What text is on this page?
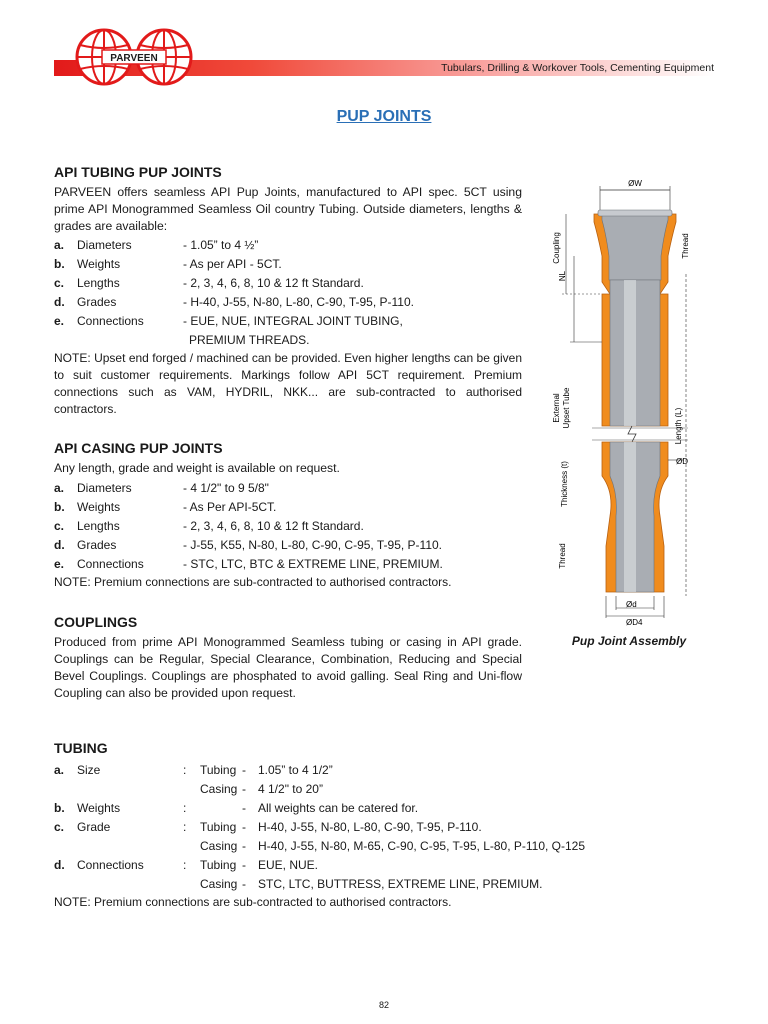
PARVEEN
Tubulars, Drilling & Workover Tools, Cementing Equipment
PUP JOINTS
API TUBING PUP JOINTS
PARVEEN offers seamless API Pup Joints, manufactured to API spec. 5CT using prime API Monogrammed Seamless Oil country Tubing. Outside diameters, lengths & grades are available:
a.	Diameters	- 1.05” to 4 ½”
b.	Weights	- As per API - 5CT.
c.	Lengths	- 2, 3, 4, 6, 8, 10 & 12 ft Standard.
d.	Grades	- H-40, J-55, N-80, L-80, C-90, T-95, P-110.
e.	Connections	- EUE, NUE, INTEGRAL JOINT TUBING,
PREMIUM THREADS.
NOTE: Upset end forged / machined can be provided. Even higher lengths can be given to suit customer requirements. Markings follow API 5CT requirement. Premium connections such as VAM, HYDRIL, NKK... are sub-contracted to authorised contractors.
API CASING PUP JOINTS
Any length, grade and weight is available on request.
a.	Diameters	- 4 1/2" to 9 5/8"
b.	Weights	- As Per API-5CT.
c.	Lengths	- 2, 3, 4, 6, 8, 10 & 12 ft Standard.
d.	Grades	- J-55, K55, N-80, L-80, C-90, C-95, T-95, P-110.
e.	Connections	- STC, LTC, BTC & EXTREME LINE, PREMIUM.
NOTE: Premium connections are sub-contracted to authorised contractors.
COUPLINGS
Produced from prime API Monogrammed Seamless tubing or casing in API grade. Couplings can be Regular, Special Clearance, Combination, Reducing and Special Bevel Couplings. Couplings are phosphated to avoid galling. Seal Ring and Uni-flow Coupling can also be provided upon request.
TUBING
a.	Size	:	Tubing -	1.05” to 4 1/2”
Casing -	4 1/2" to 20”
b.	Weights	:	-	All weights can be catered for.
c.	Grade	:	Tubing -	H-40, J-55, N-80, L-80, C-90, T-95, P-110.
Casing -	H-40, J-55, N-80, M-65, C-90, C-95, T-95, L-80, P-110, Q-125
d.	Connections	:	Tubing -	EUE, NUE.
Casing -	STC, LTC, BUTTRESS, EXTREME LINE, PREMIUM.
NOTE: Premium connections are sub-contracted to authorised contractors.
ØW
Coupling
NL
Thread
External Upset Tube	Length (L)
ØD
Thickness (t)
Thread
Ød
ØD4
Pup Joint Assembly
82
